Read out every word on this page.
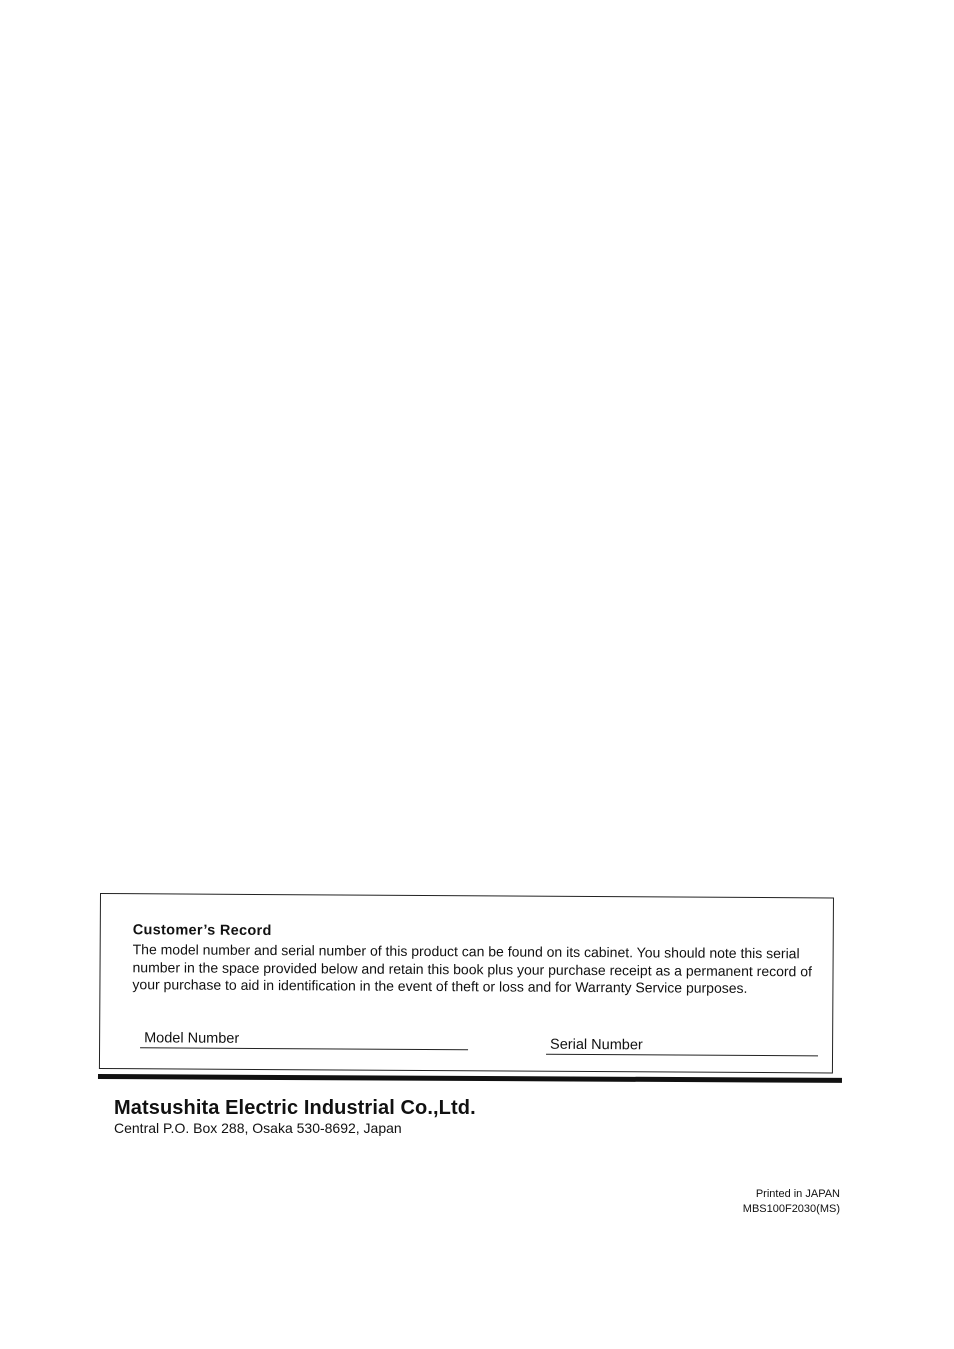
Customer’s Record

The model number and serial number of this product can be found on its cabinet. You should note this serial number in the space provided below and retain this book plus your purchase receipt as a permanent record of your purchase to aid in identification in the event of theft or loss and for Warranty Service purposes.

Model Number	Serial Number
Matsushita Electric Industrial Co.,Ltd.
Central P.O. Box 288, Osaka 530-8692, Japan
Printed in JAPAN
MBS100F2030(MS)
